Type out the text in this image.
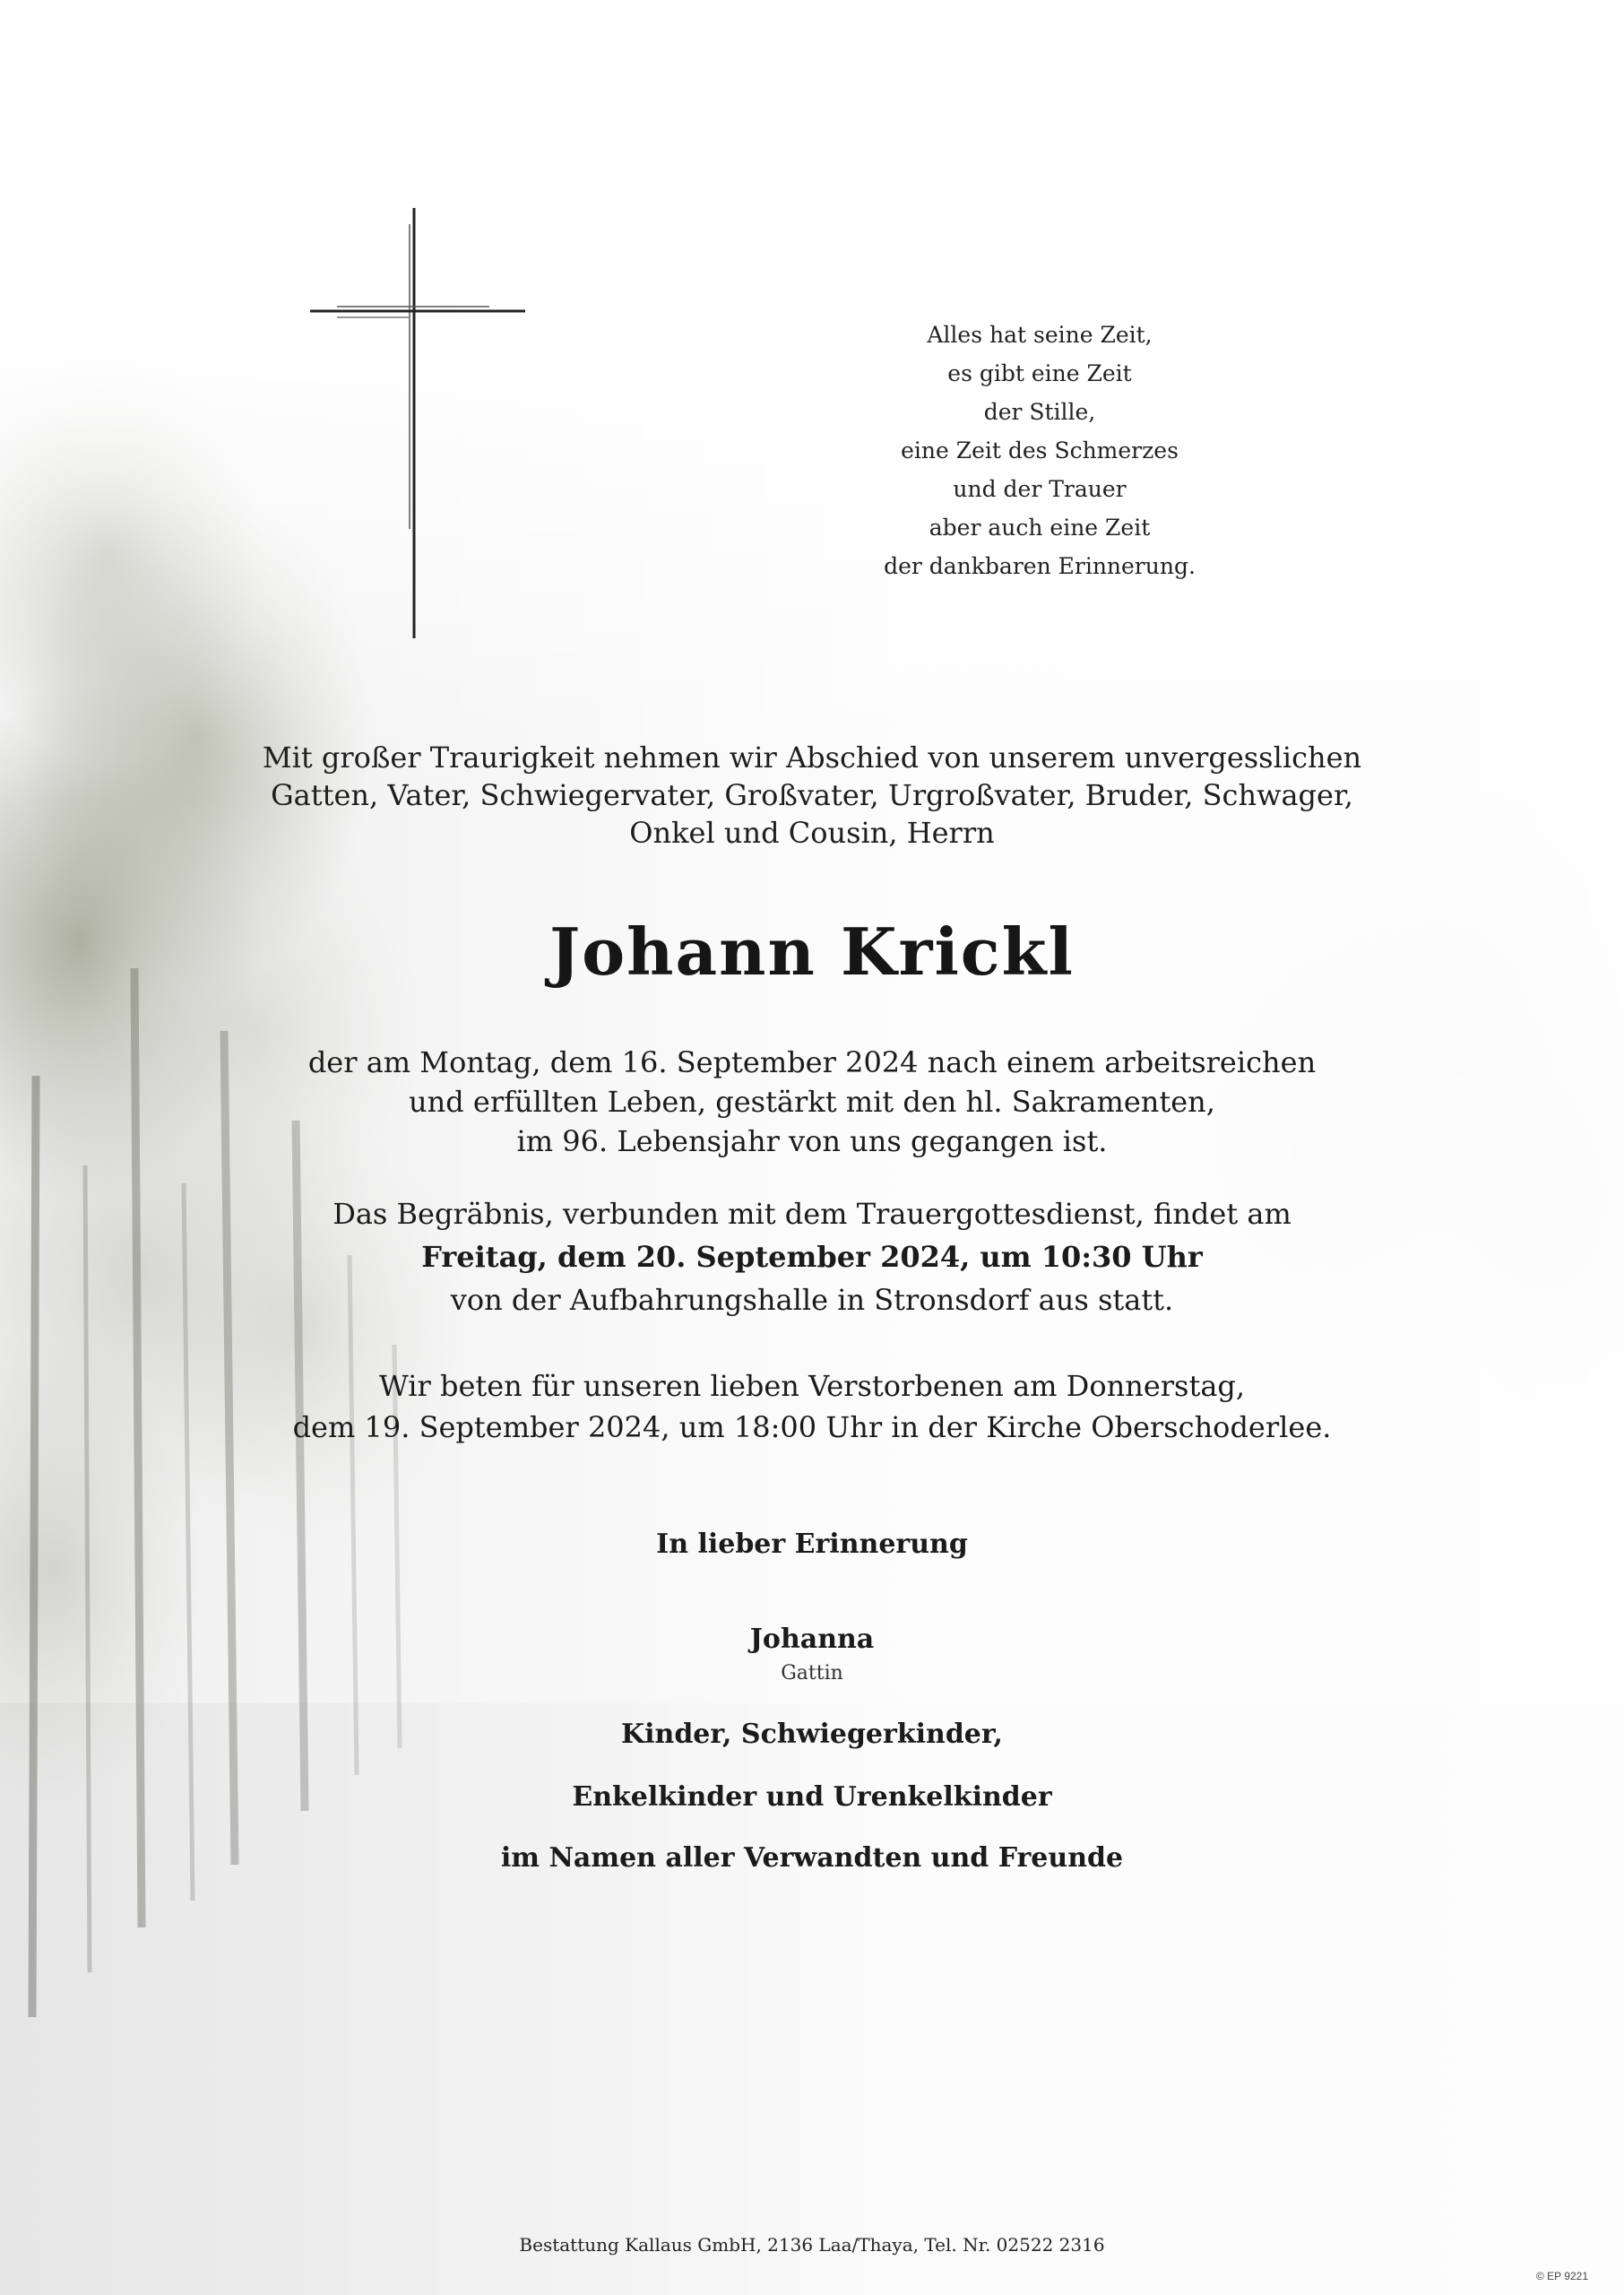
Alles hat seine Zeit,
es gibt eine Zeit
der Stille,
eine Zeit des Schmerzes
und der Trauer
aber auch eine Zeit
der dankbaren Erinnerung.
Mit großer Traurigkeit nehmen wir Abschied von unserem unvergesslichen
Gatten, Vater, Schwiegervater, Großvater, Urgroßvater, Bruder, Schwager,
Onkel und Cousin, Herrn
Johann Krickl
der am Montag, dem 16. September 2024 nach einem arbeitsreichen
und erfüllten Leben, gestärkt mit den hl. Sakramenten,
im 96. Lebensjahr von uns gegangen ist.
Das Begräbnis, verbunden mit dem Trauergottesdienst, findet am
Freitag, dem 20. September 2024, um 10:30 Uhr
von der Aufbahrungshalle in Stronsdorf aus statt.
Wir beten für unseren lieben Verstorbenen am Donnerstag,
dem 19. September 2024, um 18:00 Uhr in der Kirche Oberschoderlee.
In lieber Erinnerung
Johanna
Gattin
Kinder, Schwiegerkinder,
Enkelkinder und Urenkelkinder
im Namen aller Verwandten und Freunde
Bestattung Kallaus GmbH, 2136 Laa/Thaya, Tel. Nr. 02522 2316
© EP 9221
